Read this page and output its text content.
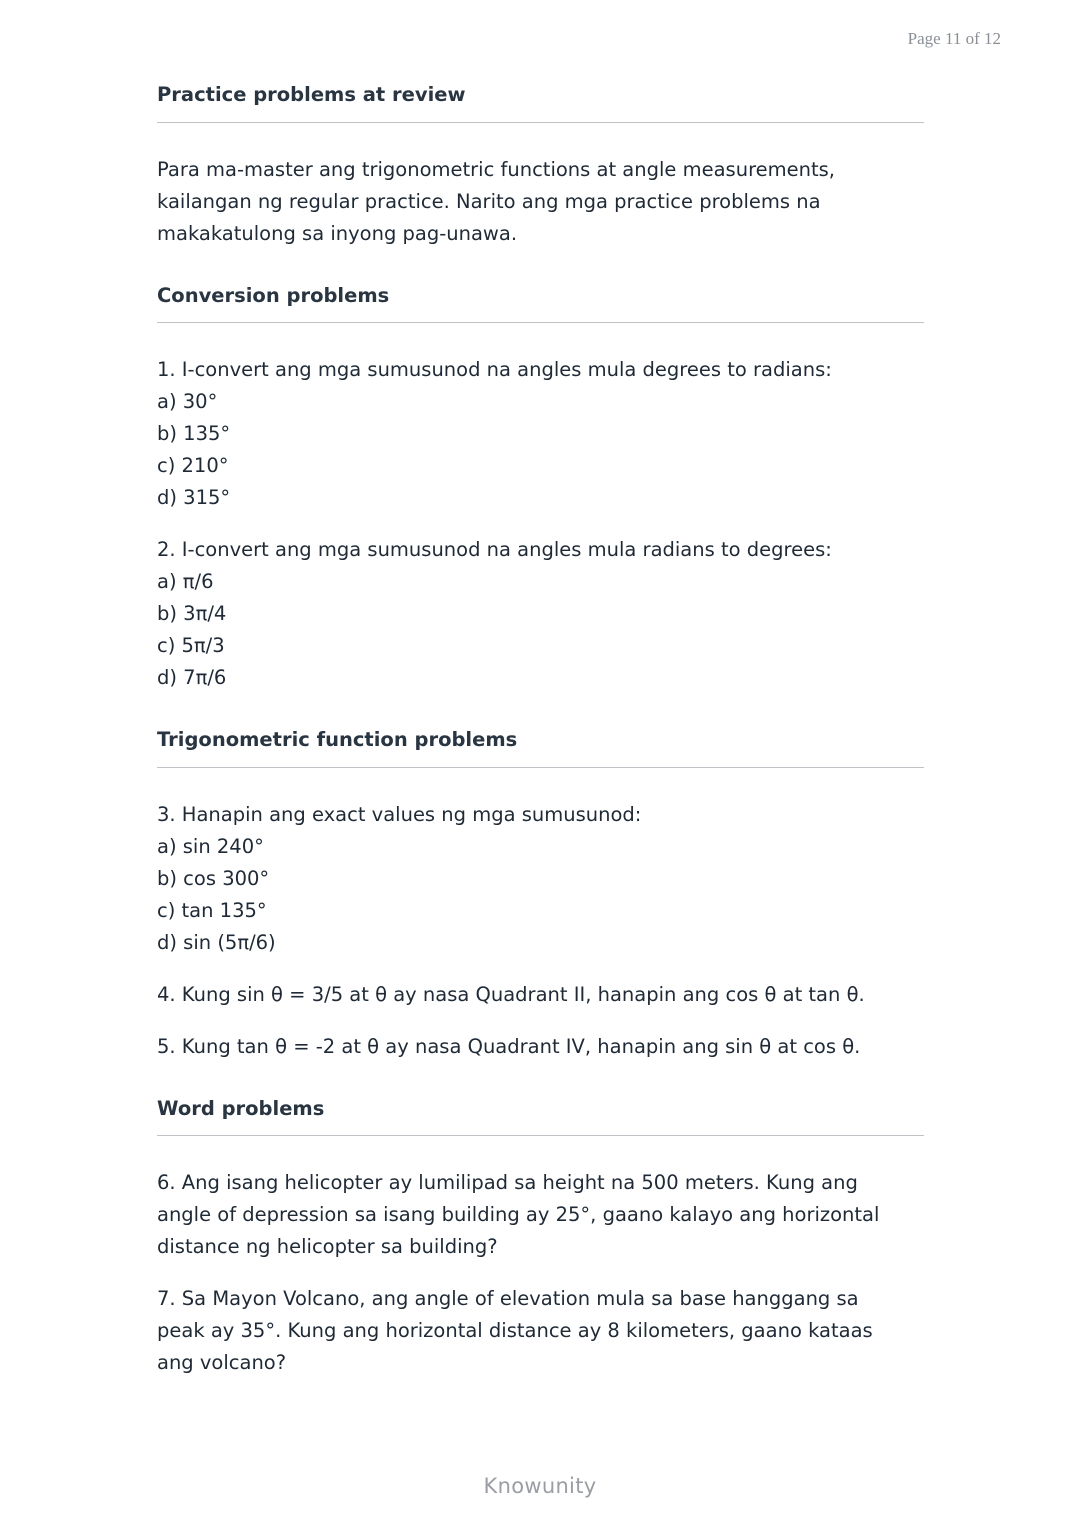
Page 11 of 12
Practice problems at review
Para ma-master ang trigonometric functions at angle measurements,
kailangan ng regular practice. Narito ang mga practice problems na
makakatulong sa inyong pag-unawa.
Conversion problems
1. I-convert ang mga sumusunod na angles mula degrees to radians:
a) 30°
b) 135°
c) 210°
d) 315°
2. I-convert ang mga sumusunod na angles mula radians to degrees:
a) π/6
b) 3π/4
c) 5π/3
d) 7π/6
Trigonometric function problems
3. Hanapin ang exact values ng mga sumusunod:
a) sin 240°
b) cos 300°
c) tan 135°
d) sin (5π/6)
4. Kung sin θ = 3/5 at θ ay nasa Quadrant II, hanapin ang cos θ at tan θ.
5. Kung tan θ = -2 at θ ay nasa Quadrant IV, hanapin ang sin θ at cos θ.
Word problems
6. Ang isang helicopter ay lumilipad sa height na 500 meters. Kung ang
angle of depression sa isang building ay 25°, gaano kalayo ang horizontal
distance ng helicopter sa building?
7. Sa Mayon Volcano, ang angle of elevation mula sa base hanggang sa
peak ay 35°. Kung ang horizontal distance ay 8 kilometers, gaano kataas
ang volcano?
Knowunity
